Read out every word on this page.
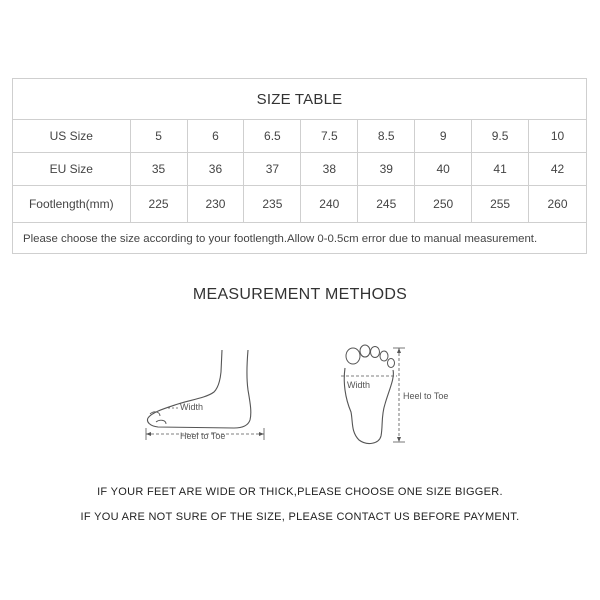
SIZE TABLE
US Size	5	6	6.5	7.5	8.5	9	9.5	10
EU Size	35	36	37	38	39	40	41	42
Footlength(mm)	225	230	235	240	245	250	255	260
Please choose the size according to your footlength.Allow 0-0.5cm error due to manual measurement.
MEASUREMENT METHODS
Width
Heel to Toe
Width
Heel to Toe
IF YOUR FEET ARE WIDE OR THICK,PLEASE CHOOSE ONE SIZE BIGGER.
IF YOU ARE NOT SURE OF THE SIZE, PLEASE CONTACT US BEFORE PAYMENT.
